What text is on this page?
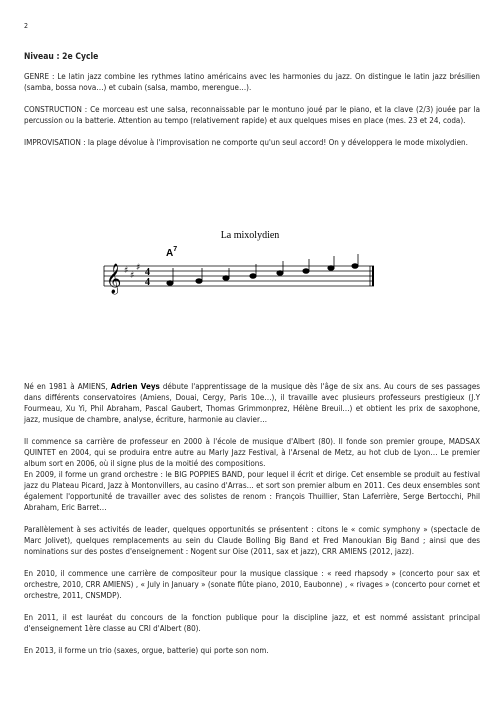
2

Niveau : 2e Cycle

GENRE : Le latin jazz combine les rythmes latino américains avec les harmonies du jazz. On distingue le latin jazz brésilien (samba, bossa nova…) et cubain (salsa, mambo, merengue…).

CONSTRUCTION : Ce morceau est une salsa, reconnaissable par le montuno joué par le piano, et la clave (2/3) jouée par la percussion ou la batterie. Attention au tempo (relativement rapide) et aux quelques mises en place (mes. 23 et 24, coda).

IMPROVISATION : la plage dévolue à l'improvisation ne comporte qu'un seul accord! On y développera le mode mixolydien.

La mixolydien
$A^7$
𝄞 ♯ ♯
♯ 4
4

Né en 1981 à AMIENS, Adrien Veys débute l'apprentissage de la musique dès l'âge de six ans. Au cours de ses passages dans différents conservatoires (Amiens, Douai, Cergy, Paris 10e…), il travaille avec plusieurs professeurs prestigieux (J.Y Fourmeau, Xu Yi, Phil Abraham, Pascal Gaubert, Thomas Grimmonprez, Hélène Breuil…) et obtient les prix de saxophone, jazz, musique de chambre, analyse, écriture, harmonie au clavier…

Il commence sa carrière de professeur en 2000 à l'école de musique d'Albert (80). Il fonde son premier groupe, MADSAX QUINTET en 2004, qui se produira entre autre au Marly Jazz Festival, à l'Arsenal de Metz, au hot club de Lyon… Le premier album sort en 2006, où il signe plus de la moitié des compositions.

En 2009, il forme un grand orchestre : le BIG POPPIES BAND, pour lequel il écrit et dirige. Cet ensemble se produit au festival jazz du Plateau Picard, Jazz à Montonvillers, au casino d'Arras… et sort son premier album en 2011. Ces deux ensembles sont également l'opportunité de travailler avec des solistes de renom : François Thuillier, Stan Laferrière, Serge Bertocchi, Phil Abraham, Eric Barret…

Parallèlement à ses activités de leader, quelques opportunités se présentent : citons le « comic symphony » (spectacle de Marc Jolivet), quelques remplacements au sein du Claude Bolling Big Band et Fred Manoukian Big Band ; ainsi que des nominations sur des postes d'enseignement : Nogent sur Oise (2011, sax et jazz), CRR AMIENS (2012, jazz).

En 2010, il commence une carrière de compositeur pour la musique classique : « reed rhapsody » (concerto pour sax et orchestre, 2010, CRR AMIENS) , « July in January » (sonate flûte piano, 2010, Eaubonne) , « rivages » (concerto pour cornet et orchestre, 2011, CNSMDP).

En 2011, il est lauréat du concours de la fonction publique pour la discipline jazz, et est nommé assistant principal d'enseignement 1ère classe au CRI d'Albert (80).

En 2013, il forme un trio (saxes, orgue, batterie) qui porte son nom.
